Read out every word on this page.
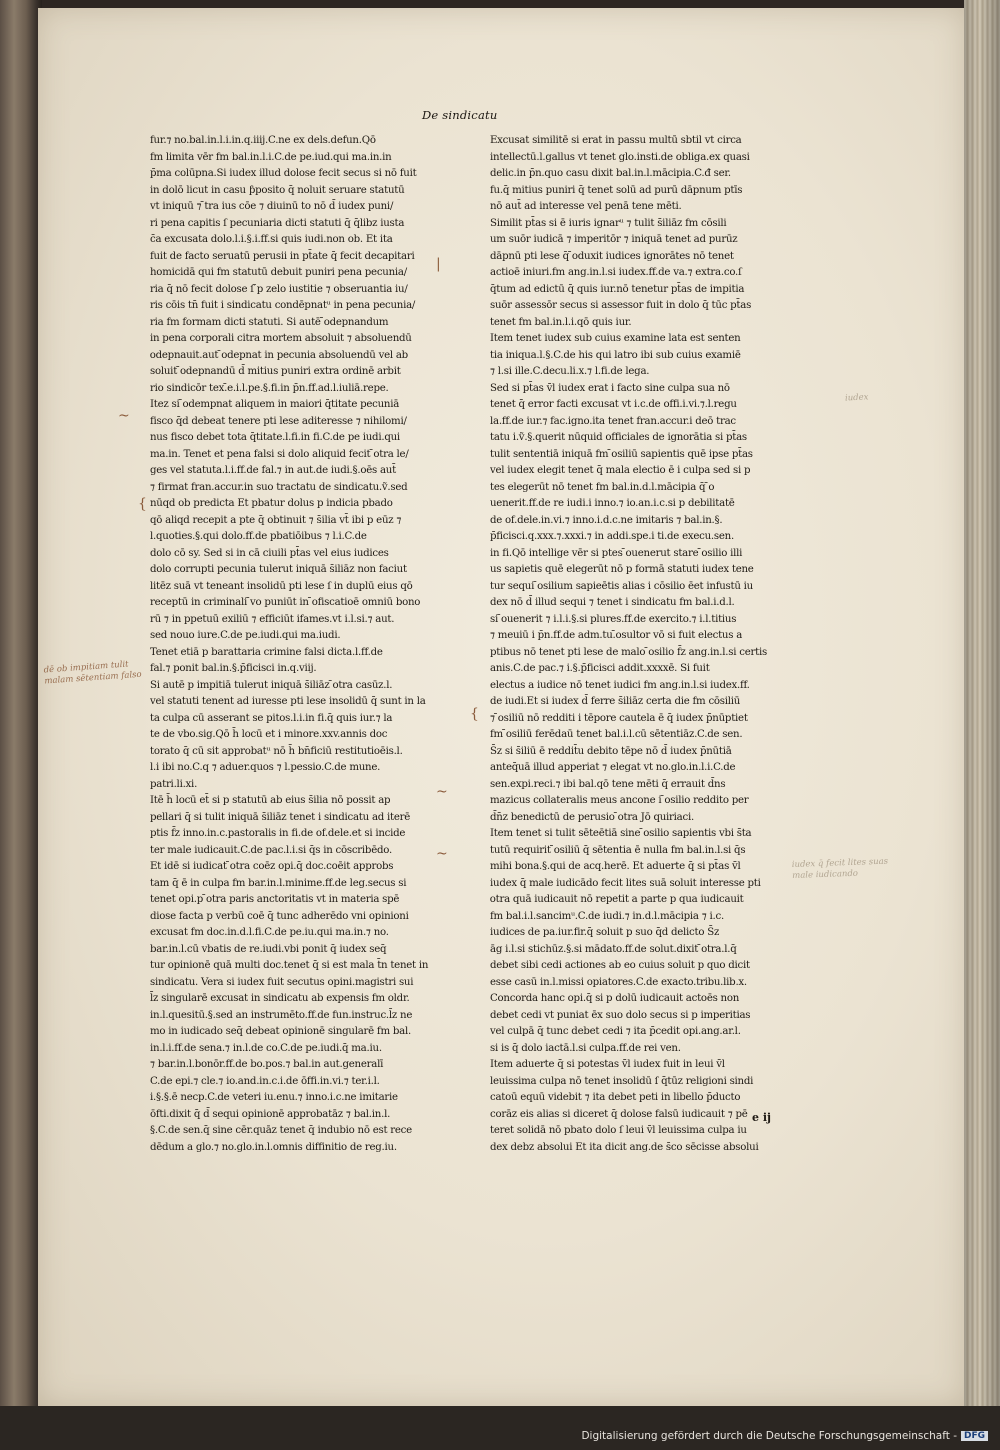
De sindicatu
fur.⁊ no.bal.in.l.i.in.q.iiij.C.ne ex dels.defun.Qō
fm limita vēr fm bal.in.l.i.C.de pe.iud.qui ma.in.in
p̄ma colūpna.Si iudex illud dolose fecit secus si nō fuit
in dolō licut in casu ƥposito q̄ noluit seruare statutū
vt iniquū ⁊ ̄tra ius cōe ⁊ diuinū to nō d̄ iudex puni/
ri pena capitis ſ pecuniaria dicti statuti q̄ q̄libz iusta
c̄a excusata dolo.l.i.§.i.ff.si quis iudi.non ob. Et ita
fuit de facto seruatū perusii in pt̄ate q̄ fecit decapitari
homicidā qui fm statutū debuit puniri pena pecunia/
ria q̄ nō fecit dolose ſ ̄p zelo iustitie ⁊ obseruantia iu/
ris cōis tn̄ fuit i sindicatu condēpnatᵘ in pena pecunia/
ria fm formam dicti statuti. Si autē ̄odepnandum
in pena corporali citra mortem absoluit ⁊ absoluendū
̄odepnauit.aut ̄odepnat in pecunia absoluendū vel ab
soluit ̄odepnandū d̄ mitius puniri extra ordinē arbit
rio sindicōr tex.̄e.i.l.pe.§.fi.in p̄n.ff.ad.l.iuliā.repe.
Itez si ̄odempnat aliquem in maiori q̄titate pecuniā
fisco q̄d debeat tenere pti lese aditeresse ⁊ nihilomi/
nus fisco debet tota q̄titate.l.fi.in fi.C.de pe iudi.qui
ma.in. Tenet et pena falsi si dolo aliquid fecit ̄otra le/
ges vel statuta.l.i.ff.de fal.⁊ in aut.de iudi.§.oēs aut̄
⁊ firmat fran.accur.in suo tractatu de sindicatu.ṽ.sed
nūqd ob predicta Et pbatur dolus p indicia pbado
qō aliqd recepit a pte q̄ obtinuit ⁊ s̄ilia vt̄ ibi p eūz ⁊
l.quoties.§.qui dolo.ff.de pbatiōibus ⁊ l.i.C.de
dolo cō sy. Sed si in cā ciuili pt̄as vel eius iudices
dolo corrupti pecunia tulerut iniquā s̄iliāz non faciut
litēz suā vt teneant insolidū pti lese ſ in duplū eius qō
receptū in criminali ̄vo puniūt in ̄ofiscatioē omniū bono
rū ⁊ in ppetuū exiliū ⁊ efficiūt ifames.vt i.l.si.⁊ aut.
sed nouo iure.C.de pe.iudi.qui ma.iudi.
Tenet etiā p barattaria crimine falsi dicta.l.ff.de
fal.⁊ ponit bal.in.§.p̄ficisci in.q.viij.
Si autē p impitiā tulerut iniquā s̄iliāz ̄otra casūz.l.
vel statuti tenent ad iuresse pti lese insolidū q̄ sunt in la
ta culpa cū asserant se pitos.l.i.in fi.q̄ quis iur.⁊ la
te de vbo.sig.Qō h̄ locū et i minore.xxv.annis doc
torato q̄ cū sit approbatᵘ nō h̄ bn̄ficiū restitutioēis.l.
l.i ibi no.C.q ⁊ aduer.quos ⁊ l.pessio.C.de mune.
patri.li.xi.
Itē h̄ locū et̄ si p statutū ab eius s̄ilia nō possit ap
pellari q̄ si tulit iniquā s̄iliāz tenet i sindicatu ad iterē
ptis f̄z inno.in.c.pastoralis in fi.de of.dele.et si incide
ter male iudicauit.C.de pac.l.i.si q̄s in cōscribēdo.
Et idē si iudicat ̄otra coēz opi.q̄ doc.coēit approbs
tam q̄ ē in culpa fm bar.in.l.minime.ff.de leg.secus si
tenet opi.p ̄otra paris anctoritatis vt in materia spē
diose facta p verbū coē q̄ tunc adherēdo vni opinioni
excusat fm doc.in.d.l.fi.C.de pe.iu.qui ma.in.⁊ no.
bar.in.l.cū vbatis de re.iudi.vbi ponit q̄ iudex seq̄
tur opinionē quā multi doc.tenet q̄ si est mala t̄n tenet in
sindicatu. Vera si iudex fuit secutus opini.magistri sui
l̄z singularē excusat in sindicatu ab expensis fm oldr.
in.l.quesitū.§.sed an instrumēto.ff.de fun.instruc.l̄z ne
mo in iudicado seq̄ debeat opinionē singularē fm bal.
in.l.i.ff.de sena.⁊ in.l.de co.C.de pe.iudi.q̄ ma.iu.
⁊ bar.in.l.bonōr.ff.de bo.pos.⁊ bal.in aut.generalī
C.de epi.⁊ cle.⁊ io.and.in.c.i.de ōffi.in.vi.⁊ ter.i.l.
i.§.§.ē necp.C.de veteri iu.enu.⁊ inno.i.c.ne imitarie
ōfti.dixit q̄ d̄ sequi opinionē approbatāz ⁊ bal.in.l.
§.C.de sen.q̄ sine cēr.quāz tenet q̄ indubio nō est rece
dēdum a glo.⁊ no.glo.in.l.omnis diffinitio de reg.iu.
Excusat similitē si erat in passu multū sbtil vt circa
intellectū.l.gallus vt tenet glo.insti.de obliga.ex quasi
delic.in p̄n.quo casu dixit bal.in.l.mācipia.C.đ ser.
fu.q̄ mitius puniri q̄ tenet solū ad purū dāpnum ptīs
nō aut̄ ad interesse vel penā tene mēti.
Similit pt̄as si ē iuris ignarᵘ ⁊ tulit s̄iliāz fm cōsili
um suōr iudicā ⁊ imperitōr ⁊ iniquā tenet ad purūz
dāpnū pti lese q̄ ̄oduxit iudices ignorātes nō tenet
actioē iniuri.fm ang.in.l.si iudex.ff.de va.⁊ extra.co.ſ
q̄tum ad edictū q̄ quis iur.nō tenetur pt̄as de impitia
suōr assessōr secus si assessor fuit in dolo q̄ tūc pt̄as
tenet fm bal.in.l.i.qō quis iur.
Item tenet iudex sub cuius examine lata est senten
tia iniqua.l.§.C.de his qui latro ibi sub cuius examiē
⁊ l.si ille.C.decu.li.x.⁊ l.fi.de lega.
Sed si pt̄as v̄l iudex erat i facto sine culpa sua nō
tenet q̄ error facti excusat vt i.c.de offi.i.vi.⁊.l.regu
la.ff.de iur.⁊ fac.igno.ita tenet fran.accur.i deō trac
tatu i.ṽ.§.querit nūquid officiales de ignorātia si pt̄as
tulit sententiā iniquā fm ̄osiliū sapientis quē ipse pt̄as
vel iudex elegit tenet q̄ mala electio ē i culpa sed si p
tes elegerūt nō tenet fm bal.in.d.l.mācipia q̄ ̄o
uenerit.ff.de re iudi.i inno.⁊ io.an.i.c.si p debilitatē
de of.dele.in.vi.⁊ inno.i.d.c.ne imitaris ⁊ bal.in.§.
p̄ficisci.q.xxx.⁊.xxxi.⁊ in addi.spe.i ti.de execu.sen.
in fi.Qō intellige vēr si ptes ̄ouenerut stare ̄osilio illi
us sapietis quē elegerūt nō p formā statuti iudex tene
tur sequi ̄osilium sapieētis alias i cōsilio ēet infustū iu
dex nō d̄ illud sequi ⁊ tenet i sindicatu fm bal.i.d.l.
si ̄ouenerit ⁊ i.l.i.§.si plures.ff.de exercito.⁊ i.l.titius
⁊ meuiū i p̄n.ff.de adm.tu.̄osultor vō si fuit electus a
ptibus nō tenet pti lese de malo ̄osilio f̄z ang.in.l.si certis
anis.C.de pac.⁊ i.§.p̄ficisci addit.xxxxē. Si fuit
electus a iudice nō tenet iudici fm ang.in.l.si iudex.ff.
de iudi.Et si iudex d̄ ferre s̄iliāz certa die fm cōsiliū
⁊ ̄osiliū nō redditi i tēpore cautela ē q̄ iudex p̄nūptiet
fm ̄osiliū ferēdaū tenet bal.i.l.cū sētentiāz.C.de sen.
S̄z si s̄iliū ē reddit̄u debito tēpe nō d̄ iudex p̄nūtiā
anteq̄uā illud apperiat ⁊ elegat vt no.glo.in.l.i.C.de
sen.expi.reci.⁊ ibi bal.qō tene mēti q̄ errauit d̄ns
mazicus collateralis meus ancone i ̄osilio reddito per
d̄n̄z benedictū de perusio ̄otra Jō quiriaci.
Item tenet si tulit sēteētiā sine ̄osilio sapientis vbi s̄ta
tutū requirit ̄osiliū q̄ sētentia ē nulla fm bal.in.l.si q̄s
mihi bona.§.qui de acq.herē. Et aduerte q̄ si pt̄as v̄l
iudex q̄ male iudicādo fecit lites suā soluit interesse pti
̄otra quā iudicauit nō repetit a parte p qua iudicauit
fm bal.i.l.sancimᵘ.C.de iudi.⁊ in.d.l.mācipia ⁊ i.c.
iudices de pa.iur.fir.q̄ soluit p suo q̄d delicto S̄z
āg i.l.si stichūz.§.si mādato.ff.de solut.dixit ̄otra.l.q̄
debet sibi cedi actiones ab eo cuius soluit p quo dicit
esse casū in.l.missi opiatores.C.de exacto.tribu.lib.x.
Concorda hanc opi.q̄ si p dolū iudicauit actoēs non
debet cedi vt puniat ēx suo dolo secus si p imperitias
vel culpā q̄ tunc debet cedi ⁊ ita p̄cedit opi.ang.ar.l.
si is q̄ dolo iactā.l.si culpa.ff.de rei ven.
Item aduerte q̄ si potestas v̄l iudex fuit in leui v̄l
leuissima culpa nō tenet insolidū ſ q̄tūz religioni sindi
catoū equū videbit ⁊ ita debet peti in libello p̄ducto
corāz eis alias si diceret q̄ dolose falsū iudicauit ⁊ pē
teret solidā nō pbato dolo ſ leui v̄l leuissima culpa iu
dex debz absolui Et ita dicit ang.de s̄co sēcisse absolui
e ij
dē ob impitiam tulit malam sētentiam falso
iudex
iudex q̄ fecit lites suas male iudicando
~
{
{
|
~
~
Digitalisierung gefördert durch die Deutsche Forschungsgemeinschaft - DFG
